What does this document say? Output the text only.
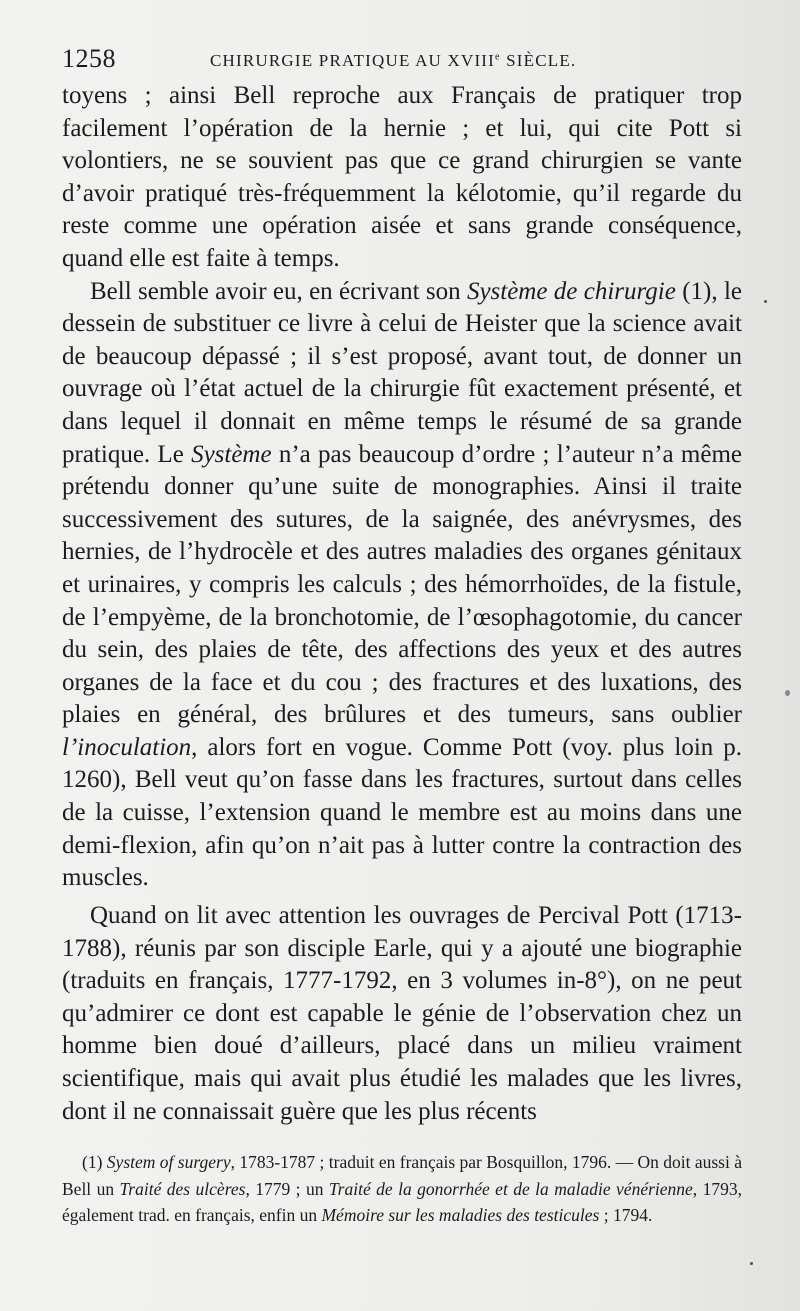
1258	CHIRURGIE PRATIQUE AU XVIIIe SIÈCLE.

toyens ; ainsi Bell reproche aux Français de pratiquer trop facilement l’opération de la hernie ; et lui, qui cite Pott si volontiers, ne se souvient pas que ce grand chirurgien se vante d’avoir pratiqué très-fréquemment la kélotomie, qu’il regarde du reste comme une opération aisée et sans grande conséquence, quand elle est faite à temps.

Bell semble avoir eu, en écrivant son Système de chirurgie (1), le dessein de substituer ce livre à celui de Heister que la science avait de beaucoup dépassé ; il s’est proposé, avant tout, de donner un ouvrage où l’état actuel de la chirurgie fût exactement présenté, et dans lequel il donnait en même temps le résumé de sa grande pratique. Le Système n’a pas beaucoup d’ordre ; l’auteur n’a même prétendu donner qu’une suite de monographies. Ainsi il traite successivement des sutures, de la saignée, des anévrysmes, des hernies, de l’hydrocèle et des autres maladies des organes génitaux et urinaires, y compris les calculs ; des hémorrhoïdes, de la fistule, de l’empyème, de la bronchotomie, de l’œsophagotomie, du cancer du sein, des plaies de tête, des affections des yeux et des autres organes de la face et du cou ; des fractures et des luxations, des plaies en général, des brûlures et des tumeurs, sans oublier l’inoculation, alors fort en vogue. Comme Pott (voy. plus loin p. 1260), Bell veut qu’on fasse dans les fractures, surtout dans celles de la cuisse, l’extension quand le membre est au moins dans une demi-flexion, afin qu’on n’ait pas à lutter contre la contraction des muscles.

Quand on lit avec attention les ouvrages de Percival Pott (1713-1788), réunis par son disciple Earle, qui y a ajouté une biographie (traduits en français, 1777-1792, en 3 volumes in-8°), on ne peut qu’admirer ce dont est capable le génie de l’observation chez un homme bien doué d’ailleurs, placé dans un milieu vraiment scientifique, mais qui avait plus étudié les malades que les livres, dont il ne connaissait guère que les plus récents

(1) System of surgery, 1783-1787 ; traduit en français par Bosquillon, 1796. — On doit aussi à Bell un Traité des ulcères, 1779 ; un Traité de la gonorrhée et de la maladie vénérienne, 1793, également trad. en français, enfin un Mémoire sur les maladies des testicules ; 1794.
